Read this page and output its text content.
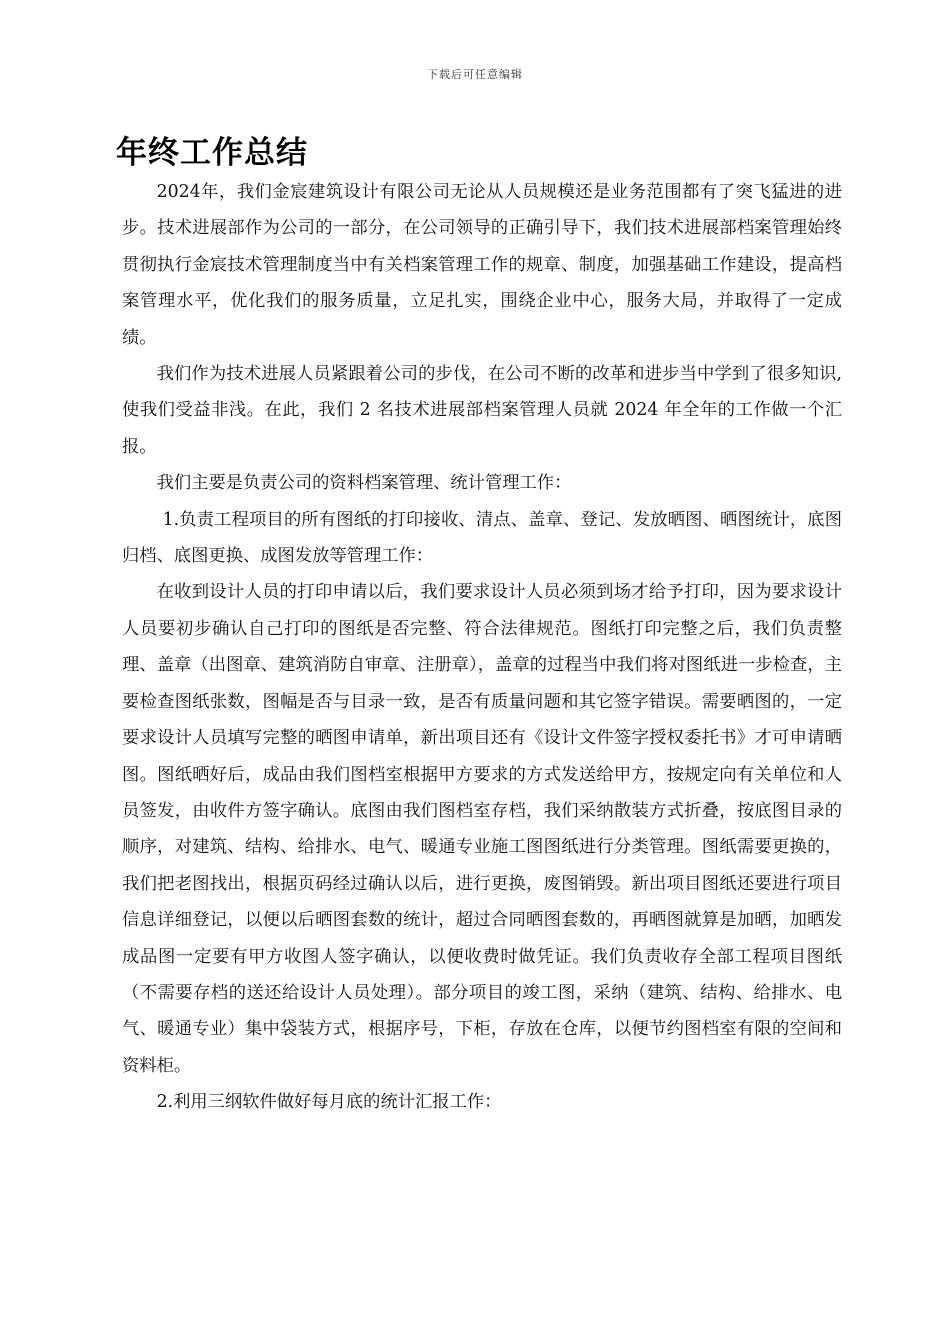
下载后可任意编辑
年终工作总结

2024年，我们金宸建筑设计有限公司无论从人员规模还是业务范围都有了突飞猛进的进步。技术进展部作为公司的一部分，在公司领导的正确引导下，我们技术进展部档案管理始终贯彻执行金宸技术管理制度当中有关档案管理工作的规章、制度，加强基础工作建设，提高档案管理水平，优化我们的服务质量，立足扎实，围绕企业中心，服务大局，并取得了一定成绩。

我们作为技术进展人员紧跟着公司的步伐，在公司不断的改革和进步当中学到了很多知识,使我们受益非浅。在此，我们 2 名技术进展部档案管理人员就 2024 年全年的工作做一个汇报。

我们主要是负责公司的资料档案管理、统计管理工作：

1.负责工程项目的所有图纸的打印接收、清点、盖章、登记、发放晒图、晒图统计，底图归档、底图更换、成图发放等管理工作：

在收到设计人员的打印申请以后，我们要求设计人员必须到场才给予打印，因为要求设计人员要初步确认自己打印的图纸是否完整、符合法律规范。图纸打印完整之后，我们负责整理、盖章（出图章、建筑消防自审章、注册章），盖章的过程当中我们将对图纸进一步检查，主要检查图纸张数，图幅是否与目录一致，是否有质量问题和其它签字错误。需要晒图的，一定要求设计人员填写完整的晒图申请单，新出项目还有《设计文件签字授权委托书》才可申请晒图。图纸晒好后，成品由我们图档室根据甲方要求的方式发送给甲方，按规定向有关单位和人员签发，由收件方签字确认。底图由我们图档室存档，我们采纳散装方式折叠，按底图目录的顺序，对建筑、结构、给排水、电气、暖通专业施工图图纸进行分类管理。图纸需要更换的，我们把老图找出，根据页码经过确认以后，进行更换，废图销毁。新出项目图纸还要进行项目信息详细登记，以便以后晒图套数的统计，超过合同晒图套数的，再晒图就算是加晒，加晒发成品图一定要有甲方收图人签字确认，以便收费时做凭证。我们负责收存全部工程项目图纸（不需要存档的送还给设计人员处理）。部分项目的竣工图，采纳（建筑、结构、给排水、电气、暖通专业）集中袋装方式，根据序号，下柜，存放在仓库，以便节约图档室有限的空间和资料柜。

2.利用三纲软件做好每月底的统计汇报工作：
